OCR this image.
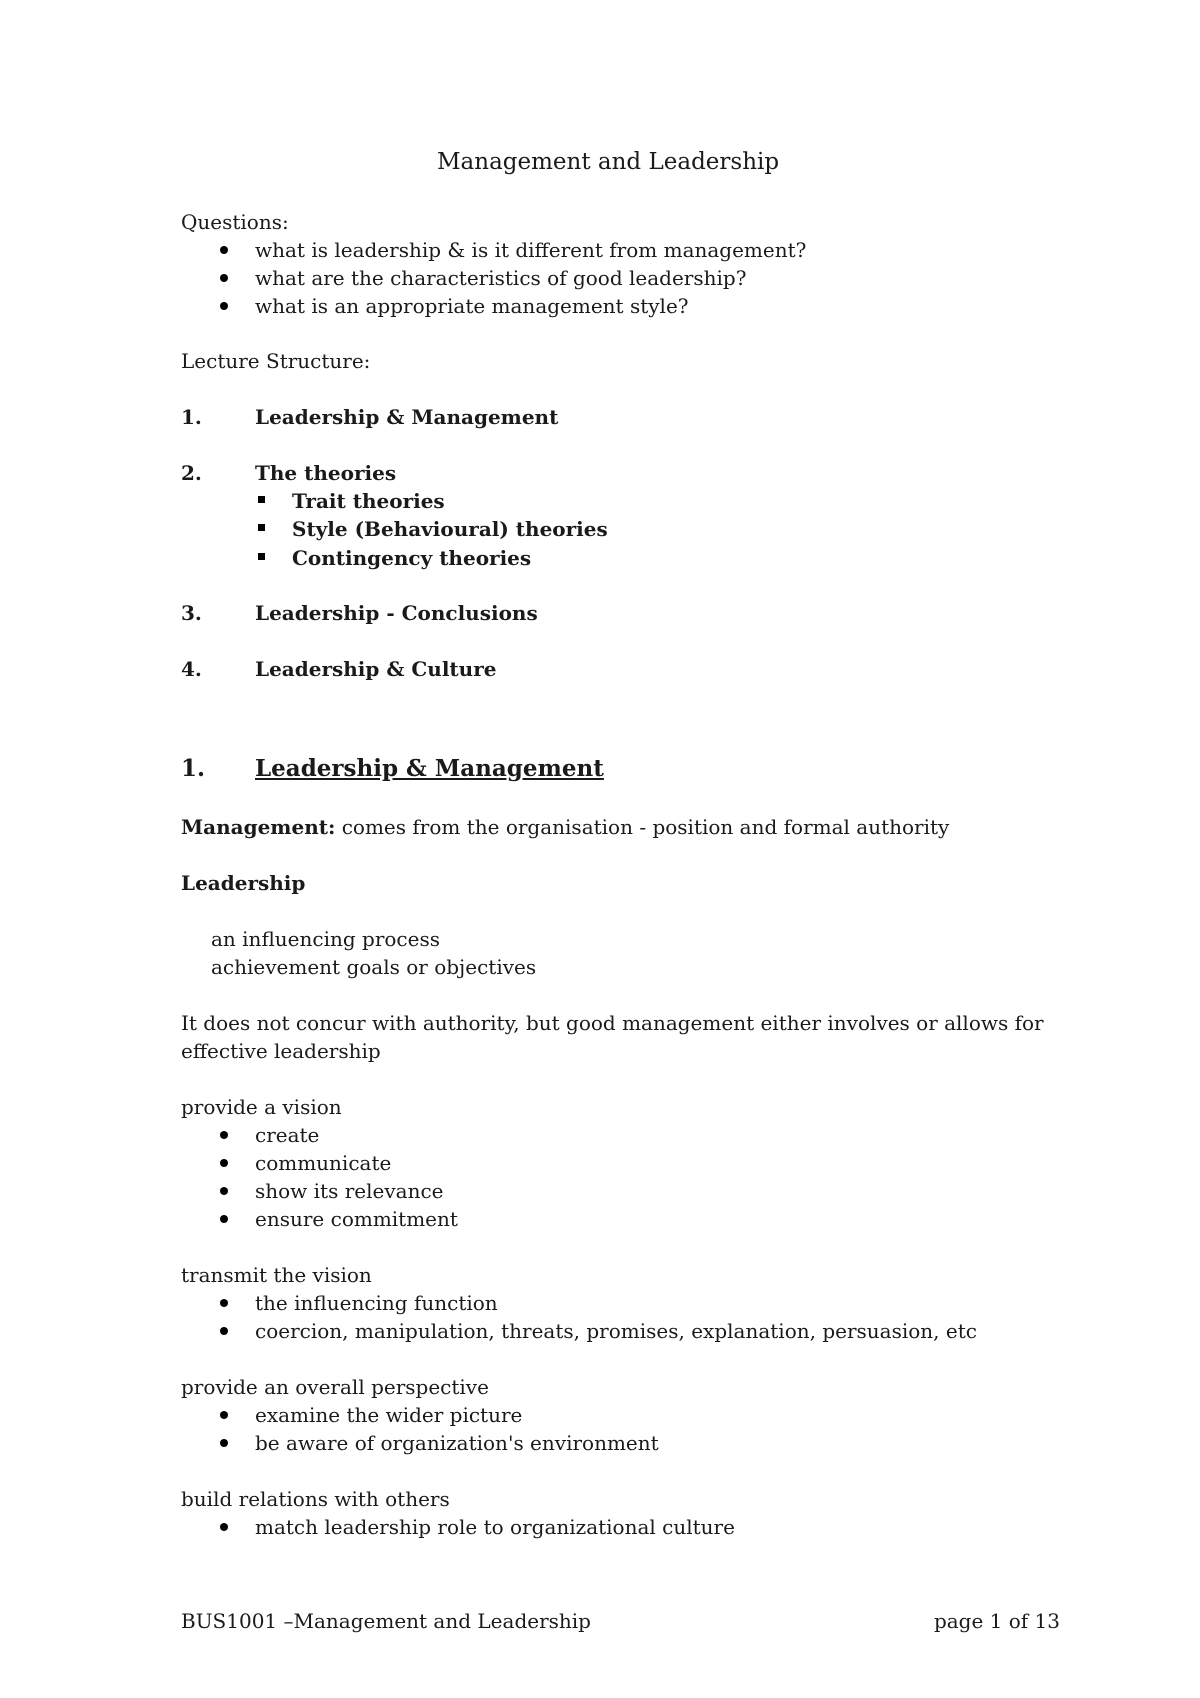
Management and Leadership
Questions:
what is leadership & is it different from management?
what are the characteristics of good leadership?
what is an appropriate management style?
Lecture Structure:
1.	Leadership & Management
2.	The theories
Trait theories
Style (Behavioural) theories
Contingency theories
3.	Leadership - Conclusions
4.	Leadership & Culture
1. Leadership & Management
Management: comes from the organisation - position and formal authority
Leadership
an influencing process
achievement goals or objectives
It does not concur with authority, but good management either involves or allows for
effective leadership
provide a vision
create
communicate
show its relevance
ensure commitment
transmit the vision
the influencing function
coercion, manipulation, threats, promises, explanation, persuasion, etc
provide an overall perspective
examine the wider picture
be aware of organization's environment
build relations with others
match leadership role to organizational culture
BUS1001 –Management and Leadership	page 1 of 13
